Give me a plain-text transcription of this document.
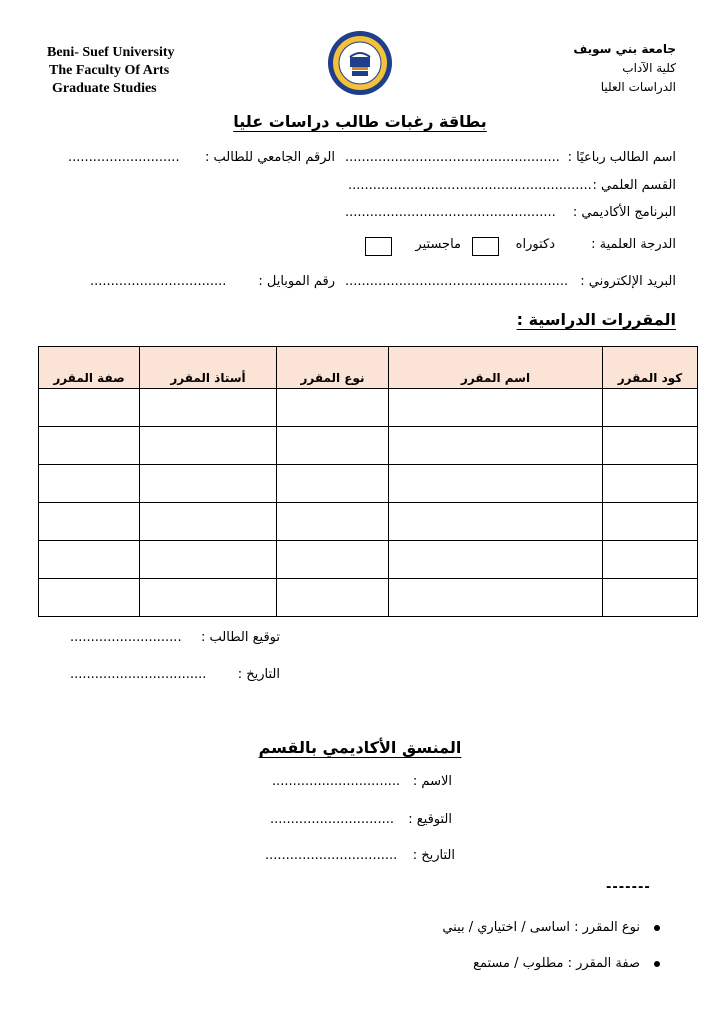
Beni- Suef University
The Faculty Of Arts
Graduate Studies
جامعة بني سويف
كلية الآداب
الدراسات العليا
بطاقة رغبات طالب دراسات عليا
اسم الطالب رباعيًا :
....................................................
الرقم الجامعي للطالب :
...........................
القسم العلمي :
...........................................................
البرنامج الأكاديمي :
...................................................
الدرجة العلمية :
دكتوراه
ماجستير
البريد الإلكتروني :
......................................................
رقم الموبايل :
.................................
المقررات الدراسية :
كود المقرر	اسم المقرر	نوع المقرر	أستاذ المقرر	صفة المقرر

توقيع الطالب :
...........................
التاريخ :
.................................
المنسق الأكاديمي بالقسم
الاسم :
...............................
التوقيع :
..............................
التاريخ :
................................
-------
نوع المقرر : اساسى / اختياري / بيني
صفة المقرر : مطلوب / مستمع
